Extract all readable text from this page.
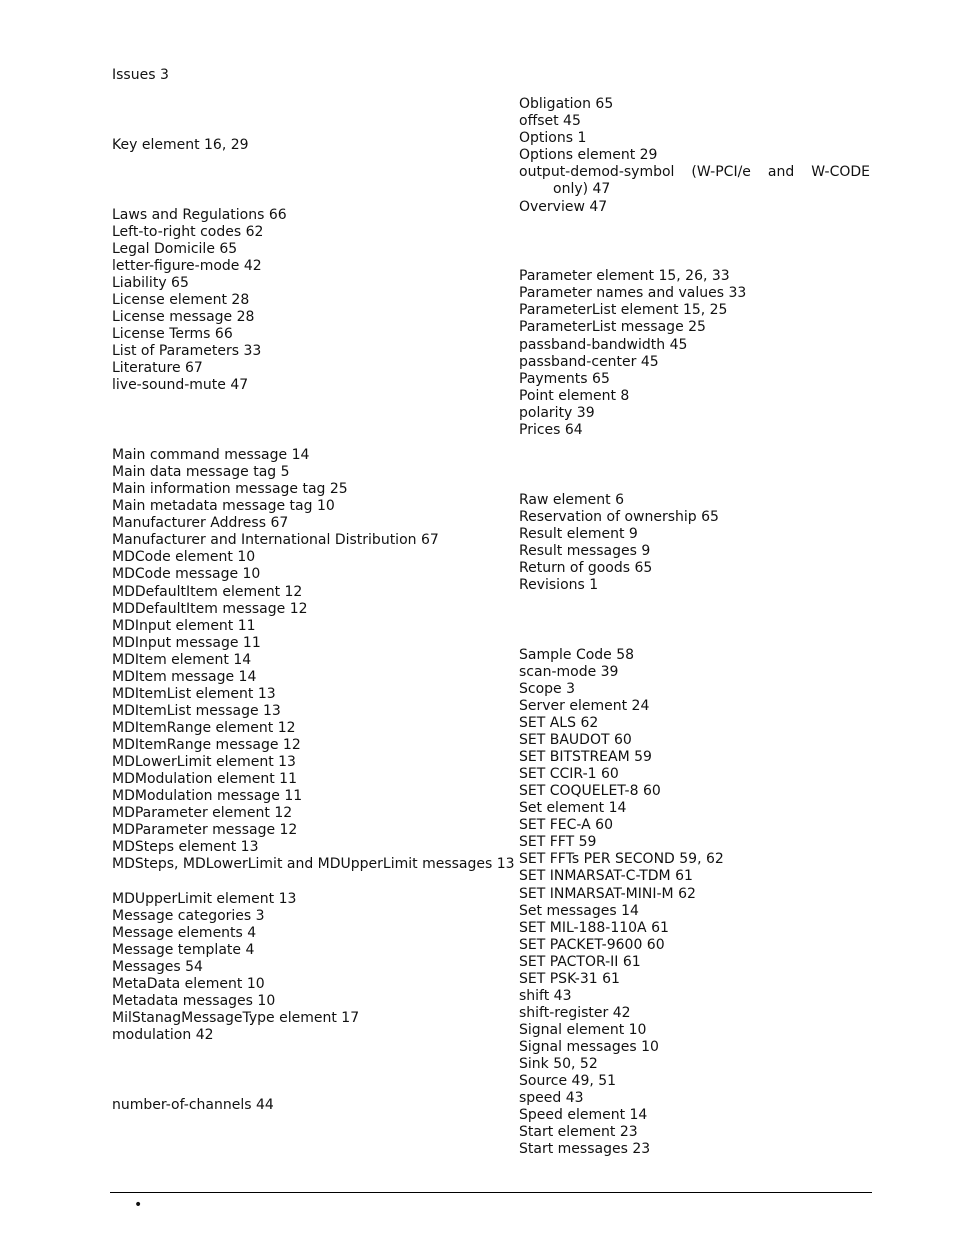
Issues 3
Key element 16, 29
Laws and Regulations 66
Left-to-right codes 62
Legal Domicile 65
letter-figure-mode 42
Liability 65
License element 28
License message 28
License Terms 66
List of Parameters 33
Literature 67
live-sound-mute 47
Main command message 14
Main data message tag 5
Main information message tag 25
Main metadata message tag 10
Manufacturer Address 67
Manufacturer and International Distribution 67
MDCode element 10
MDCode message 10
MDDefaultItem element 12
MDDefaultItem message 12
MDInput element 11
MDInput message 11
MDItem element 14
MDItem message 14
MDItemList element 13
MDItemList message 13
MDItemRange element 12
MDItemRange message 12
MDLowerLimit element 13
MDModulation element 11
MDModulation message 11
MDParameter element 12
MDParameter message 12
MDSteps element 13
MDSteps, MDLowerLimit and MDUpperLimit messages 13
MDUpperLimit element 13
Message categories 3
Message elements 4
Message template 4
Messages 54
MetaData element 10
Metadata messages 10
MilStanagMessageType element 17
modulation 42
number-of-channels 44
Obligation 65
offset 45
Options 1
Options element 29
output-demod-symbol (W-PCI/e and W-CODE only) 47
Overview 47
Parameter element 15, 26, 33
Parameter names and values 33
ParameterList element 15, 25
ParameterList message 25
passband-bandwidth 45
passband-center 45
Payments 65
Point element 8
polarity 39
Prices 64
Raw element 6
Reservation of ownership 65
Result element 9
Result messages 9
Return of goods 65
Revisions 1
Sample Code 58
scan-mode 39
Scope 3
Server element 24
SET ALS 62
SET BAUDOT 60
SET BITSTREAM 59
SET CCIR-1 60
SET COQUELET-8 60
Set element 14
SET FEC-A 60
SET FFT 59
SET FFTs PER SECOND 59, 62
SET INMARSAT-C-TDM 61
SET INMARSAT-MINI-M 62
Set messages 14
SET MIL-188-110A 61
SET PACKET-9600 60
SET PACTOR-II 61
SET PSK-31 61
shift 43
shift-register 42
Signal element 10
Signal messages 10
Sink 50, 52
Source 49, 51
speed 43
Speed element 14
Start element 23
Start messages 23
•
